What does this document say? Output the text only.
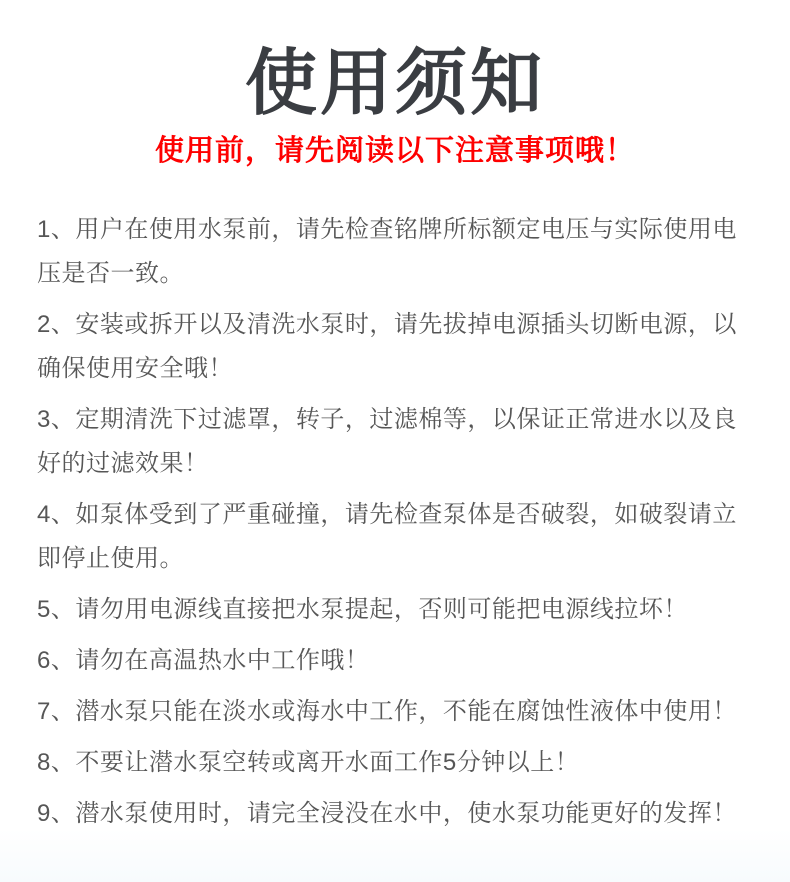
使用须知

使用前，请先阅读以下注意事项哦！

1、用户在使用水泵前，请先检查铭牌所标额定电压与实际使用电压是否一致。

2、安装或拆开以及清洗水泵时，请先拔掉电源插头切断电源，以确保使用安全哦！

3、定期清洗下过滤罩，转子，过滤棉等，以保证正常进水以及良好的过滤效果！

4、如泵体受到了严重碰撞，请先检查泵体是否破裂，如破裂请立即停止使用。

5、请勿用电源线直接把水泵提起，否则可能把电源线拉坏！

6、请勿在高温热水中工作哦！

7、潜水泵只能在淡水或海水中工作，不能在腐蚀性液体中使用！

8、不要让潜水泵空转或离开水面工作5分钟以上！

9、潜水泵使用时，请完全浸没在水中，使水泵功能更好的发挥！
